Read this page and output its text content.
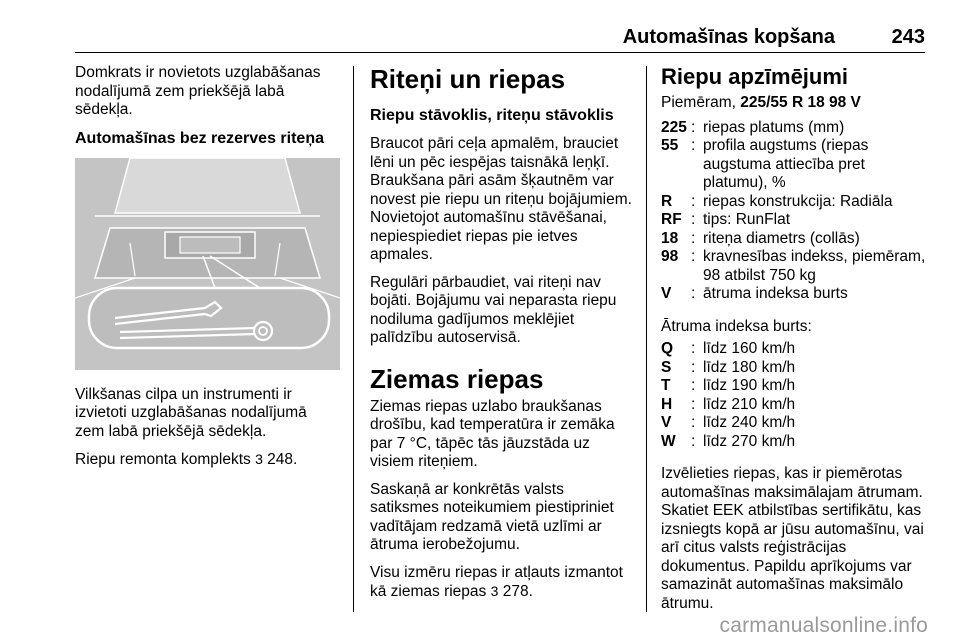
Automašīnas kopšana	243

Domkrats ir novietots uzglabāšanas nodalījumā zem priekšējā labā sēdekļa.

Automašīnas bez rezerves riteņa

Vilkšanas cilpa un instrumenti ir izvietoti uzglabāšanas nodalījumā zem labā priekšējā sēdekļa.

Riepu remonta komplekts 3 248.

Riteņi un riepas
Riepu stāvoklis, riteņu stāvoklis

Braucot pāri ceļa apmalēm, brauciet lēni un pēc iespējas taisnākā leņķī. Braukšana pāri asām šķautnēm var novest pie riepu un riteņu bojājumiem. Novietojot automašīnu stāvēšanai, nepiespiediet riepas pie ietves apmales.

Regulāri pārbaudiet, vai riteņi nav bojāti. Bojājumu vai neparasta riepu nodiluma gadījumos meklējiet palīdzību autoservisā.

Ziemas riepas

Ziemas riepas uzlabo braukšanas drošību, kad temperatūra ir zemāka par 7 °C, tāpēc tās jāuzstāda uz visiem riteņiem.

Saskaņā ar konkrētās valsts satiksmes noteikumiem piestipriniet vadītājam redzamā vietā uzlīmi ar ātruma ierobežojumu.

Visu izmēru riepas ir atļauts izmantot kā ziemas riepas 3 278.

Riepu apzīmējumi

Piemēram, 225/55 R 18 98 V

225	:	riepas platums (mm)
55	:	profila augstums (riepas augstuma attiecība pret platumu), %
R	:	riepas konstrukcija: Radiāla
RF	:	tips: RunFlat
18	:	riteņa diametrs (collās)
98	:	kravnesības indekss, piemēram, 98 atbilst 750 kg
V	:	ātruma indeksa burts

Ātruma indeksa burts:

Q	:	līdz 160 km/h
S	:	līdz 180 km/h
T	:	līdz 190 km/h
H	:	līdz 210 km/h
V	:	līdz 240 km/h
W	:	līdz 270 km/h

Izvēlieties riepas, kas ir piemērotas automašīnas maksimālajam ātrumam. Skatiet EEK atbilstības sertifikātu, kas izsniegts kopā ar jūsu automašīnu, vai arī citus valsts reģistrācijas dokumentus. Papildu aprīkojums var samazināt automašīnas maksimālo ātrumu.

carmanualsonline.info
